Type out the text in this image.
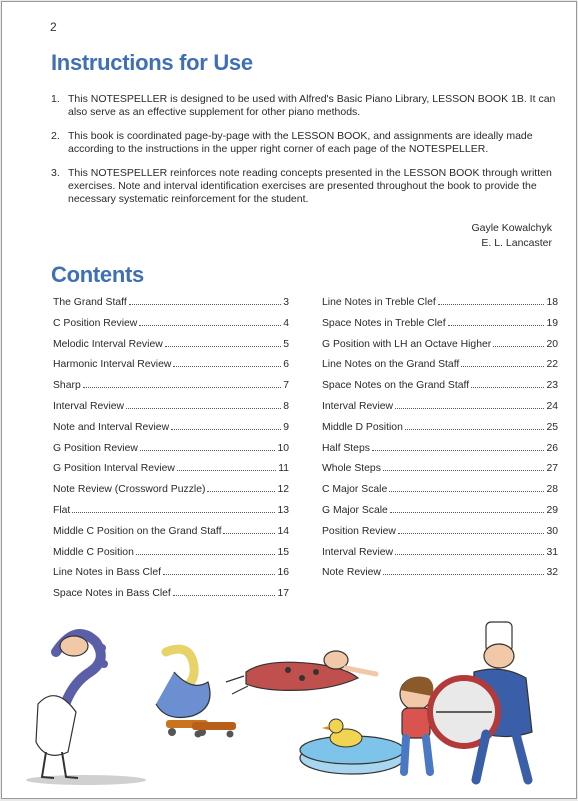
2
Instructions for Use
1. This NOTESPELLER is designed to be used with Alfred's Basic Piano Library, LESSON BOOK 1B. It can also serve as an effective supplement for other piano methods.
2. This book is coordinated page-by-page with the LESSON BOOK, and assignments are ideally made according to the instructions in the upper right corner of each page of the NOTESPELLER.
3. This NOTESPELLER reinforces note reading concepts presented in the LESSON BOOK through written exercises. Note and interval identification exercises are presented throughout the book to provide the necessary systematic reinforcement for the student.
Gayle Kowalchyk
E. L. Lancaster
Contents
The Grand Staff	3
C Position Review	4
Melodic Interval Review	5
Harmonic Interval Review	6
Sharp	7
Interval Review	8
Note and Interval Review	9
G Position Review	10
G Position Interval Review	11
Note Review (Crossword Puzzle)	12
Flat	13
Middle C Position on the Grand Staff	14
Middle C Position	15
Line Notes in Bass Clef	16
Space Notes in Bass Clef	17
Line Notes in Treble Clef	18
Space Notes in Treble Clef	19
G Position with LH an Octave Higher	20
Line Notes on the Grand Staff	22
Space Notes on the Grand Staff	23
Interval Review	24
Middle D Position	25
Half Steps	26
Whole Steps	27
C Major Scale	28
G Major Scale	29
Position Review	30
Interval Review	31
Note Review	32
